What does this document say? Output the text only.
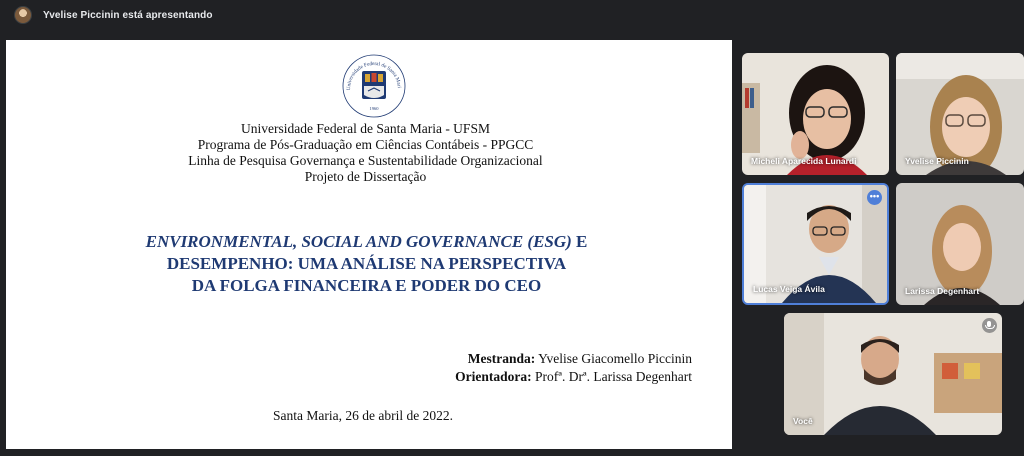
Yvelise Piccinin está apresentando
Universidade Federal de Santa Mari
1960
Universidade Federal de Santa Maria - UFSM
Programa de Pós-Graduação em Ciências Contábeis - PPGCC
Linha de Pesquisa Governança e Sustentabilidade Organizacional
Projeto de Dissertação
ENVIRONMENTAL, SOCIAL AND GOVERNANCE (ESG) E
DESEMPENHO: UMA ANÁLISE NA PERSPECTIVA
DA FOLGA FINANCEIRA E PODER DO CEO
Mestranda: Yvelise Giacomello Piccinin
Orientadora: Profª. Drª. Larissa Degenhart
Santa Maria, 26 de abril de 2022.
Micheli Aparecida Lunardi	Yvelise Piccinin
Lucas Veiga Ávila
•••
Larissa Degenhart
Você
